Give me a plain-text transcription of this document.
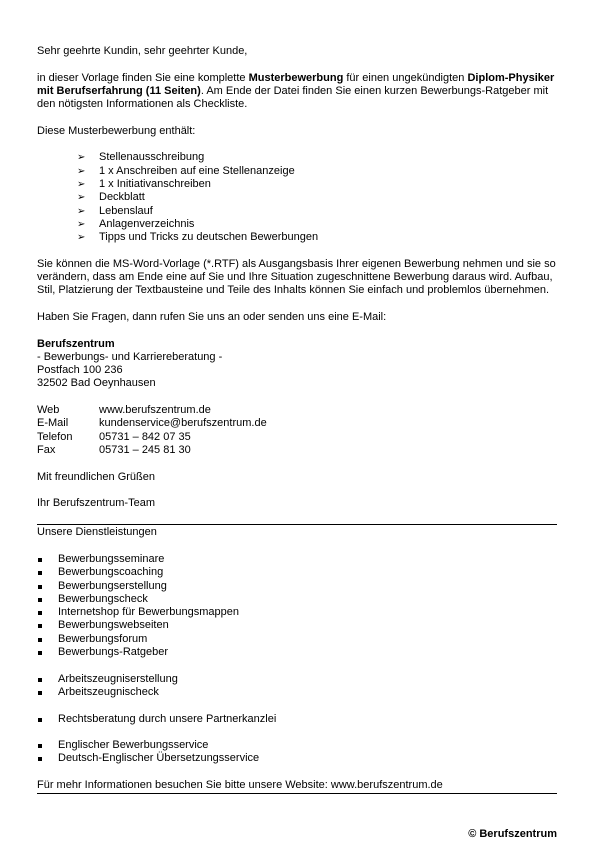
Sehr geehrte Kundin, sehr geehrter Kunde,

in dieser Vorlage finden Sie eine komplette Musterbewerbung für einen ungekündigten Diplom-Physiker mit Berufserfahrung (11 Seiten). Am Ende der Datei finden Sie einen kurzen Bewerbungs-Ratgeber mit den nötigsten Informationen als Checkliste.

Diese Musterbewerbung enthält:

➢ Stellenausschreibung
➢ 1 x Anschreiben auf eine Stellenanzeige
➢ 1 x Initiativanschreiben
➢ Deckblatt
➢ Lebenslauf
➢ Anlagenverzeichnis
➢ Tipps und Tricks zu deutschen Bewerbungen

Sie können die MS-Word-Vorlage (*.RTF) als Ausgangsbasis Ihrer eigenen Bewerbung nehmen und sie so verändern, dass am Ende eine auf Sie und Ihre Situation zugeschnittene Bewerbung daraus wird. Aufbau, Stil, Platzierung der Textbausteine und Teile des Inhalts können Sie einfach und problemlos übernehmen.

Haben Sie Fragen, dann rufen Sie uns an oder senden uns eine E-Mail:

Berufszentrum

- Bewerbungs- und Karriereberatung -

Postfach 100 236

32502 Bad Oeynhausen

Web	www.berufszentrum.de
E-Mail	kundenservice@berufszentrum.de
Telefon	05731 – 842 07 35
Fax	05731 – 245 81 30

Mit freundlichen Grüßen

Ihr Berufszentrum-Team

Unsere Dienstleistungen

Bewerbungsseminare
Bewerbungscoaching
Bewerbungserstellung
Bewerbungscheck
Internetshop für Bewerbungsmappen
Bewerbungswebseiten
Bewerbungsforum
Bewerbungs-Ratgeber
Arbeitszeugniserstellung
Arbeitszeugnischeck
Rechtsberatung durch unsere Partnerkanzlei
Englischer Bewerbungsservice
Deutsch-Englischer Übersetzungsservice

Für mehr Informationen besuchen Sie bitte unsere Website: www.berufszentrum.de

© Berufszentrum
